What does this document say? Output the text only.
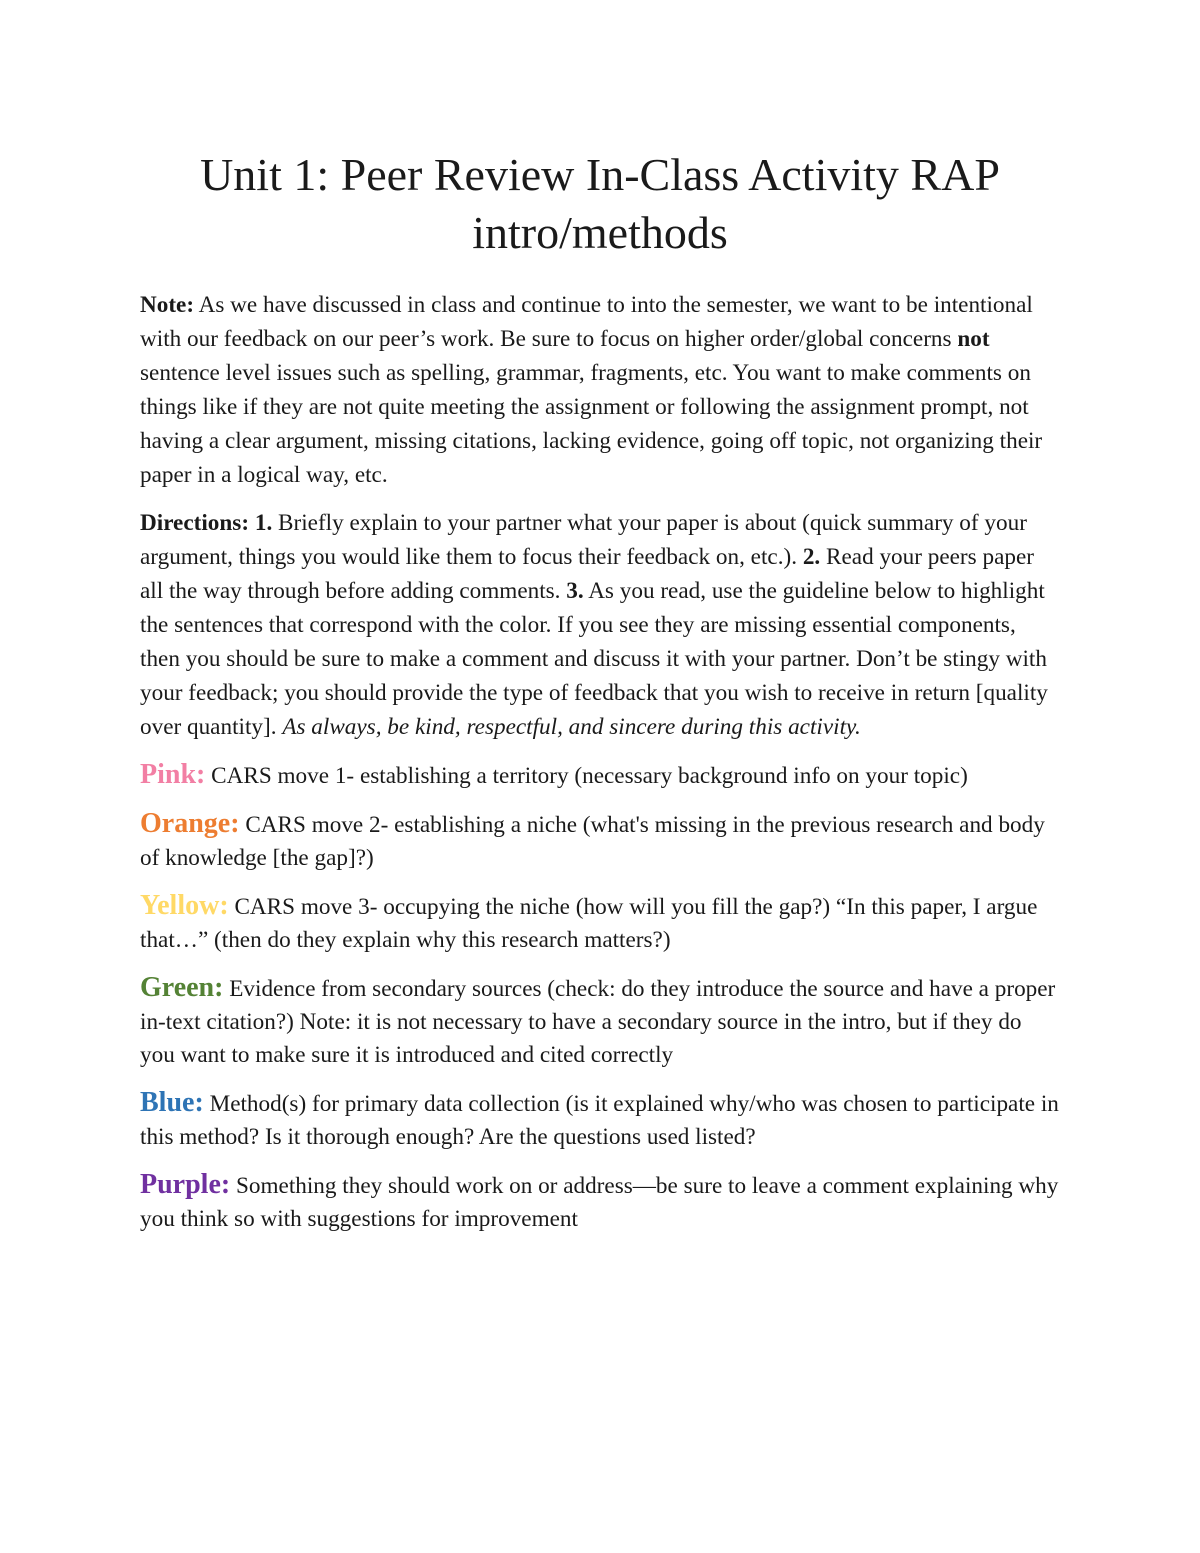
Unit 1: Peer Review In-Class Activity RAP
intro/methods

Note: As we have discussed in class and continue to into the semester, we want to be intentional with our feedback on our peer’s work. Be sure to focus on higher order/global concerns not sentence level issues such as spelling, grammar, fragments, etc. You want to make comments on things like if they are not quite meeting the assignment or following the assignment prompt, not having a clear argument, missing citations, lacking evidence, going off topic, not organizing their paper in a logical way, etc.

Directions: 1. Briefly explain to your partner what your paper is about (quick summary of your argument, things you would like them to focus their feedback on, etc.). 2. Read your peers paper all the way through before adding comments. 3. As you read, use the guideline below to highlight the sentences that correspond with the color. If you see they are missing essential components, then you should be sure to make a comment and discuss it with your partner. Don’t be stingy with your feedback; you should provide the type of feedback that you wish to receive in return [quality over quantity]. As always, be kind, respectful, and sincere during this activity.

Pink: CARS move 1- establishing a territory (necessary background info on your topic)

Orange: CARS move 2- establishing a niche (what's missing in the previous research and body of knowledge [the gap]?)

Yellow: CARS move 3- occupying the niche (how will you fill the gap?) “In this paper, I argue that…” (then do they explain why this research matters?)

Green: Evidence from secondary sources (check: do they introduce the source and have a proper in-text citation?) Note: it is not necessary to have a secondary source in the intro, but if they do you want to make sure it is introduced and cited correctly

Blue: Method(s) for primary data collection (is it explained why/who was chosen to participate in this method? Is it thorough enough? Are the questions used listed?

Purple: Something they should work on or address—be sure to leave a comment explaining why you think so with suggestions for improvement
